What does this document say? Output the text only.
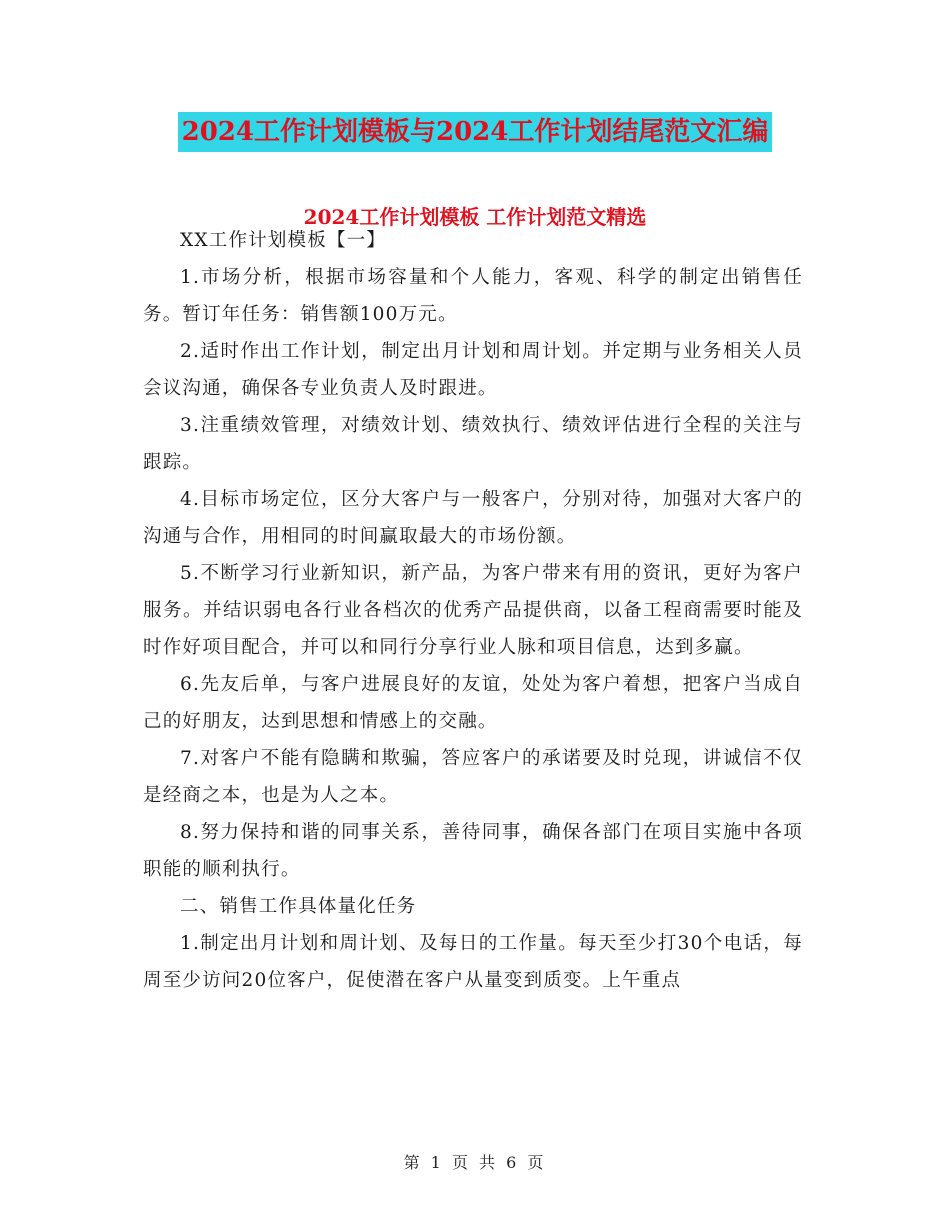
2024工作计划模板与2024工作计划结尾范文汇编
2024工作计划模板 工作计划范文精选

XX工作计划模板【一】

1.市场分析，根据市场容量和个人能力，客观、科学的制定出销售任务。暂订年任务：销售额100万元。

2.适时作出工作计划，制定出月计划和周计划。并定期与业务相关人员会议沟通，确保各专业负责人及时跟进。

3.注重绩效管理，对绩效计划、绩效执行、绩效评估进行全程的关注与跟踪。

4.目标市场定位，区分大客户与一般客户，分别对待，加强对大客户的沟通与合作，用相同的时间赢取最大的市场份额。

5.不断学习行业新知识，新产品，为客户带来有用的资讯，更好为客户服务。并结识弱电各行业各档次的优秀产品提供商，以备工程商需要时能及时作好项目配合，并可以和同行分享行业人脉和项目信息，达到多赢。

6.先友后单，与客户进展良好的友谊，处处为客户着想，把客户当成自己的好朋友，达到思想和情感上的交融。

7.对客户不能有隐瞒和欺骗，答应客户的承诺要及时兑现，讲诚信不仅是经商之本，也是为人之本。

8.努力保持和谐的同事关系，善待同事，确保各部门在项目实施中各项职能的顺利执行。

二、销售工作具体量化任务

1.制定出月计划和周计划、及每日的工作量。每天至少打30个电话，每周至少访问20位客户，促使潜在客户从量变到质变。上午重点

第 1 页 共 6 页
